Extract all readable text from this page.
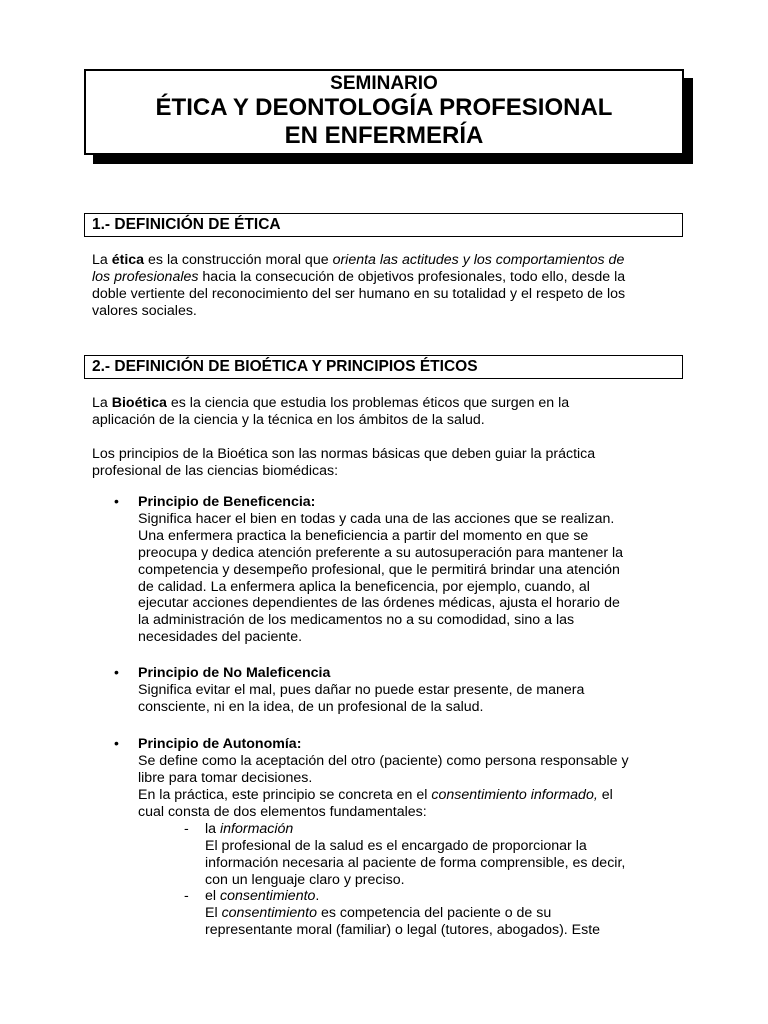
SEMINARIO
ÉTICA Y DEONTOLOGÍA PROFESIONAL
EN ENFERMERÍA
1.- DEFINICIÓN DE ÉTICA
La ética es la construcción moral que orienta las actitudes y los comportamientos de
los profesionales hacia la consecución de objetivos profesionales, todo ello, desde la
doble vertiente del reconocimiento del ser humano en su totalidad y el respeto de los
valores sociales.
2.- DEFINICIÓN DE BIOÉTICA Y PRINCIPIOS ÉTICOS
La Bioética es la ciencia que estudia los problemas éticos que surgen en la
aplicación de la ciencia y la técnica en los ámbitos de la salud.
Los principios de la Bioética son las normas básicas que deben guiar la práctica
profesional de las ciencias biomédicas:
• Principio de Beneficencia:
Significa hacer el bien en todas y cada una de las acciones que se realizan.
Una enfermera practica la beneficiencia a partir del momento en que se
preocupa y dedica atención preferente a su autosuperación para mantener la
competencia y desempeño profesional, que le permitirá brindar una atención
de calidad. La enfermera aplica la beneficencia, por ejemplo, cuando, al
ejecutar acciones dependientes de las órdenes médicas, ajusta el horario de
la administración de los medicamentos no a su comodidad, sino a las
necesidades del paciente.
• Principio de No Maleficencia
Significa evitar el mal, pues dañar no puede estar presente, de manera
consciente, ni en la idea, de un profesional de la salud.
• Principio de Autonomía:
Se define como la aceptación del otro (paciente) como persona responsable y
libre para tomar decisiones.
En la práctica, este principio se concreta en el consentimiento informado, el
cual consta de dos elementos fundamentales:
- la información
El profesional de la salud es el encargado de proporcionar la
información necesaria al paciente de forma comprensible, es decir,
con un lenguaje claro y preciso.
- el consentimiento.
El consentimiento es competencia del paciente o de su
representante moral (familiar) o legal (tutores, abogados). Este
